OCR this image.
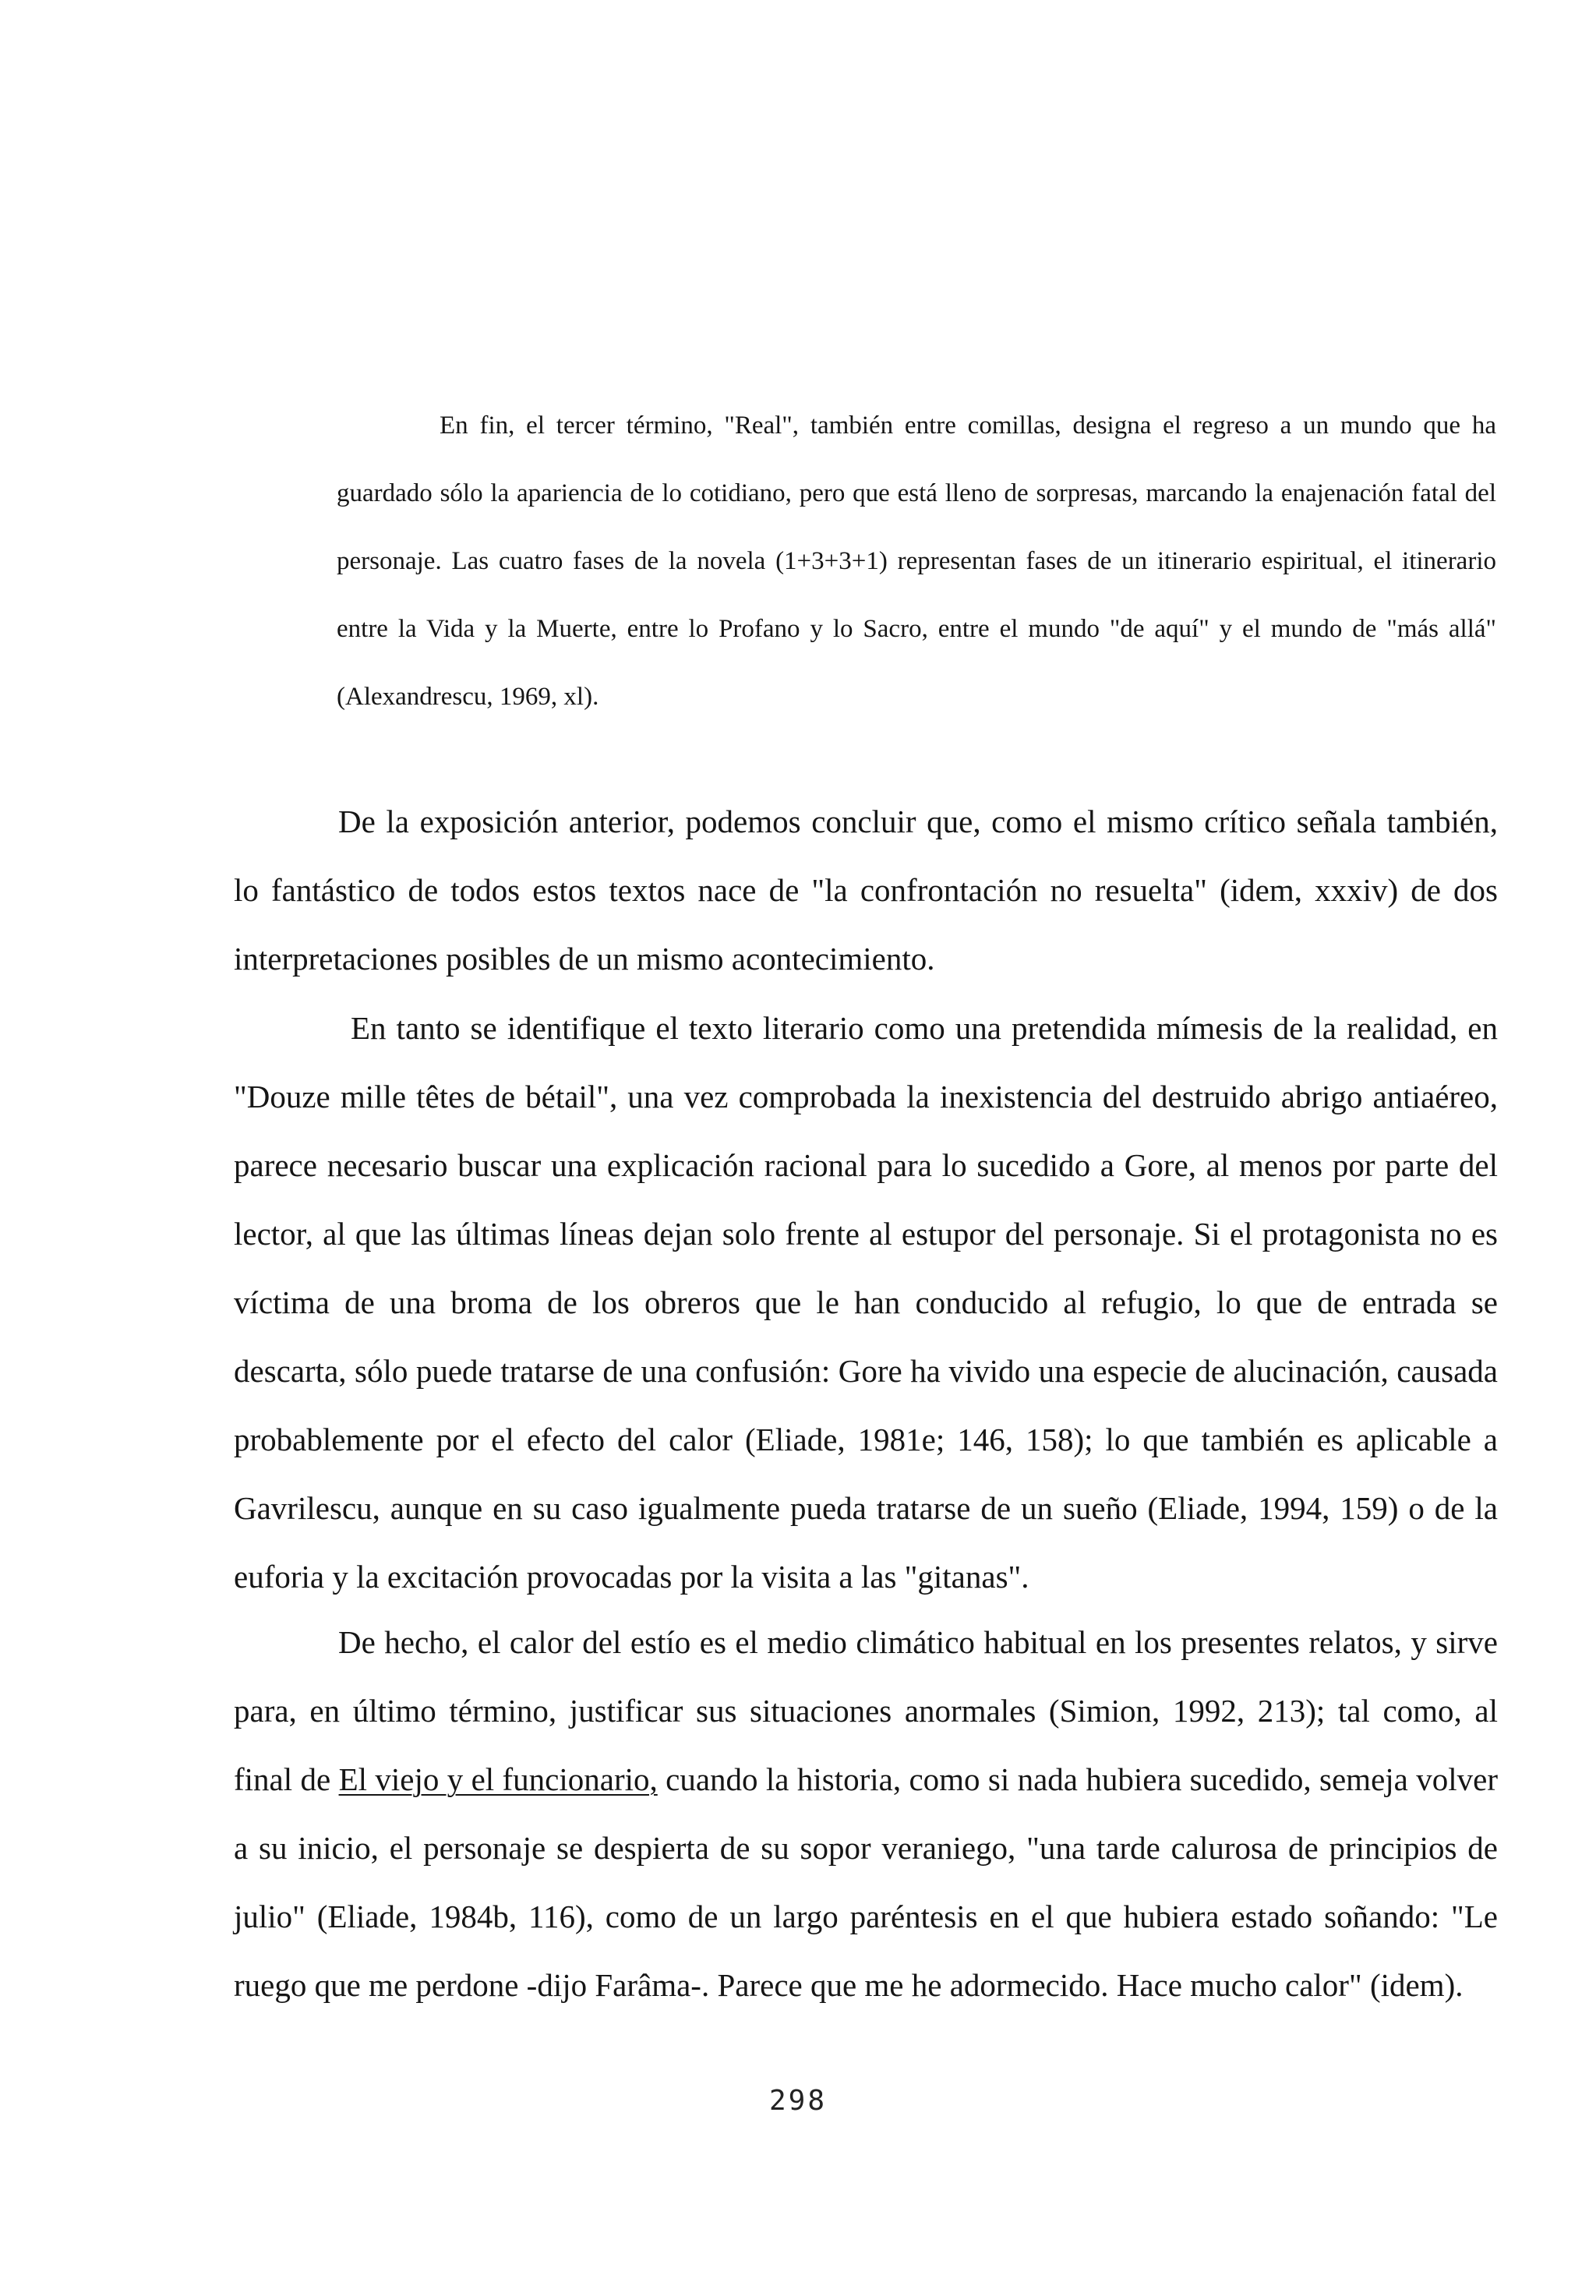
En fin, el tercer término, "Real", también entre comillas, designa el regreso a un mundo que ha guardado sólo la apariencia de lo cotidiano, pero que está lleno de sorpresas, marcando la enajenación fatal del personaje. Las cuatro fases de la novela (1+3+3+1) representan fases de un itinerario espiritual, el itinerario entre la Vida y la Muerte, entre lo Profano y lo Sacro, entre el mundo "de aquí" y el mundo de "más allá" (Alexandrescu, 1969, xl).

De la exposición anterior, podemos concluir que, como el mismo crítico señala también, lo fantástico de todos estos textos nace de "la confrontación no resuelta" (idem, xxxiv) de dos interpretaciones posibles de un mismo acontecimiento.

En tanto se identifique el texto literario como una pretendida mímesis de la realidad, en "Douze mille têtes de bétail", una vez comprobada la inexistencia del destruido abrigo antiaéreo, parece necesario buscar una explicación racional para lo sucedido a Gore, al menos por parte del lector, al que las últimas líneas dejan solo frente al estupor del personaje. Si el protagonista no es víctima de una broma de los obreros que le han conducido al refugio, lo que de entrada se descarta, sólo puede tratarse de una confusión: Gore ha vivido una especie de alucinación, causada probablemente por el efecto del calor (Eliade, 1981e; 146, 158); lo que también es aplicable a Gavrilescu, aunque en su caso igualmente pueda tratarse de un sueño (Eliade, 1994, 159) o de la euforia y la excitación provocadas por la visita a las "gitanas".

De hecho, el calor del estío es el medio climático habitual en los presentes relatos, y sirve para, en último término, justificar sus situaciones anormales (Simion, 1992, 213); tal como, al final de El viejo y el funcionario, cuando la historia, como si nada hubiera sucedido, semeja volver a su inicio, el personaje se despierta de su sopor veraniego, "una tarde calurosa de principios de julio" (Eliade, 1984b, 116), como de un largo paréntesis en el que hubiera estado soñando: "Le ruego que me perdone -dijo Farâma-. Parece que me he adormecido. Hace mucho calor" (idem).

298
